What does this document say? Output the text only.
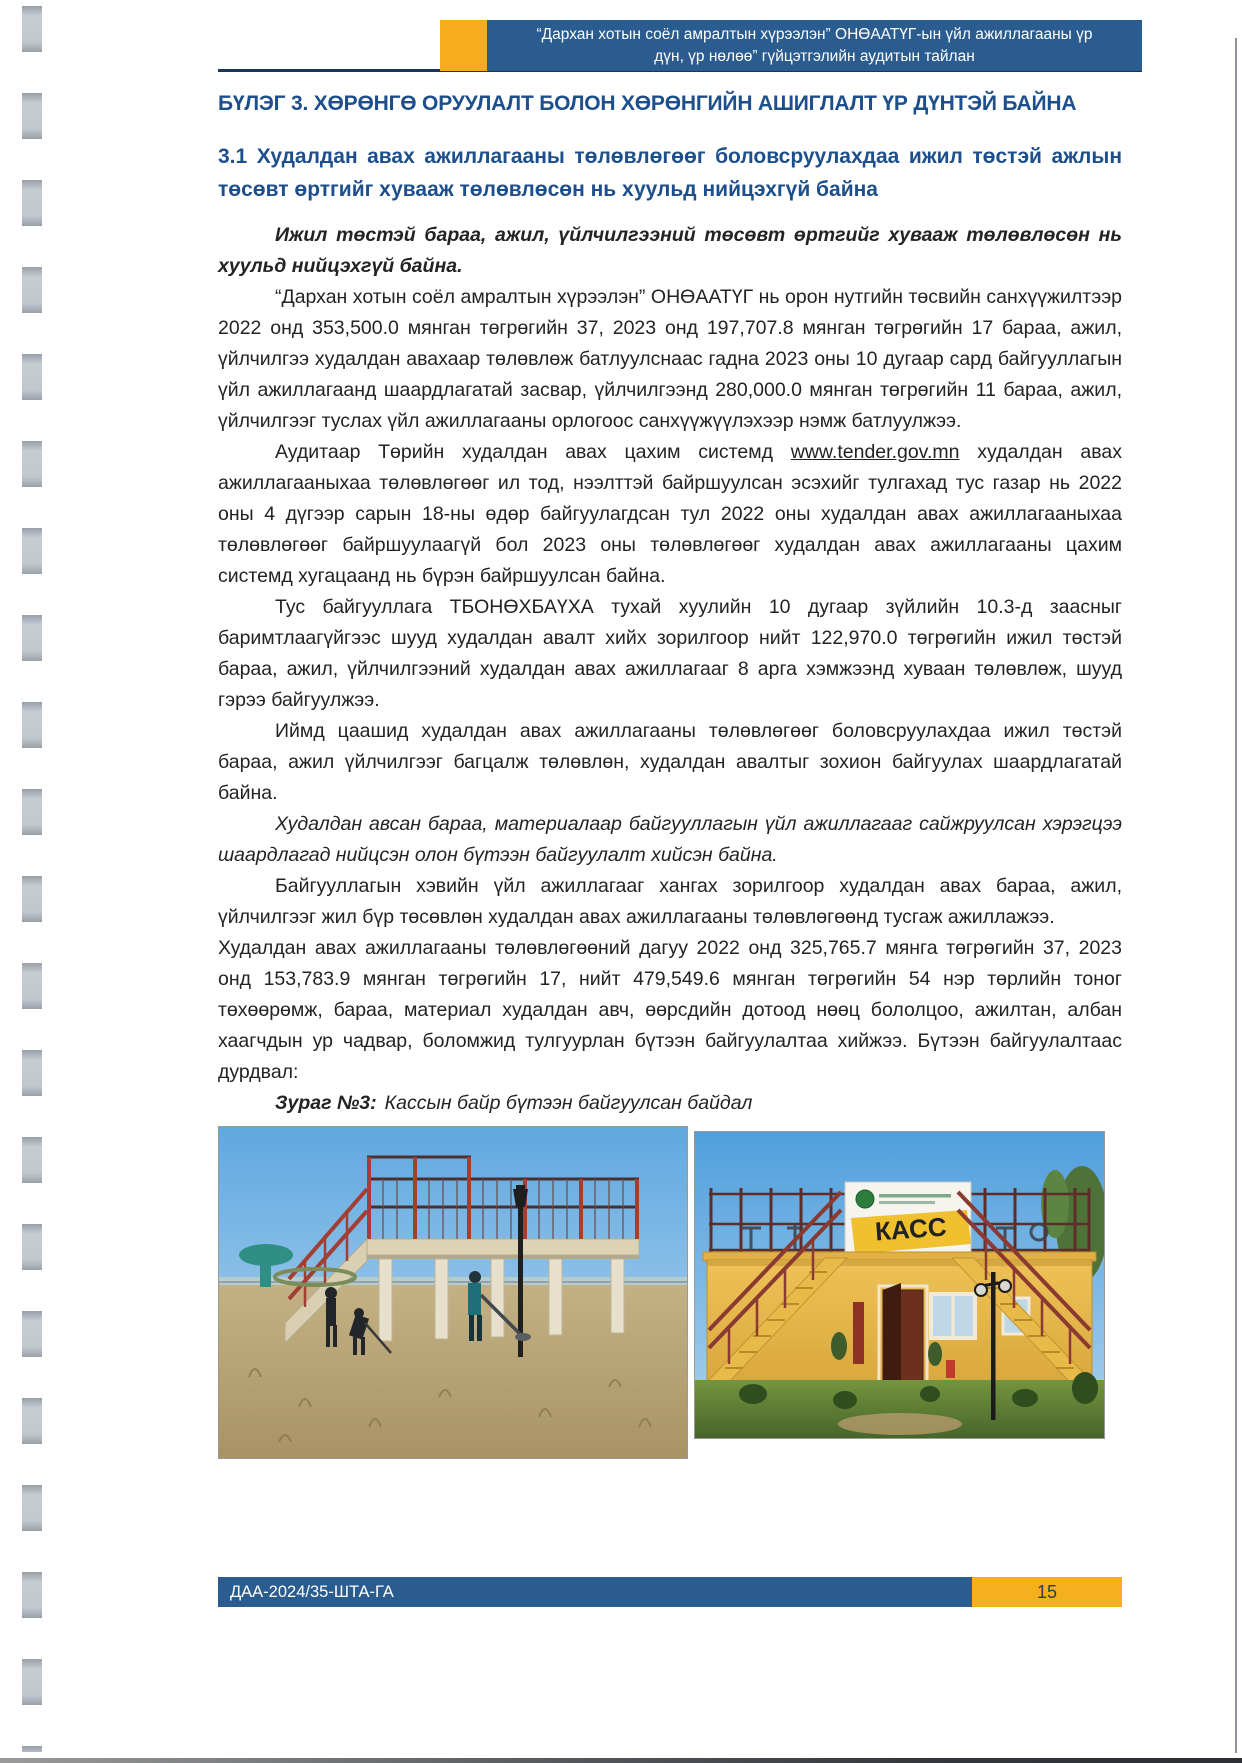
“Дархан хотын соёл амралтын хүрээлэн” ОНӨААТҮГ-ын үйл ажиллагааны үр дүн, үр нөлөө” гүйцэтгэлийн аудитын тайлан
БҮЛЭГ 3. ХӨРӨНГӨ ОРУУЛАЛТ БОЛОН ХӨРӨНГИЙН АШИГЛАЛТ ҮР ДҮНТЭЙ БАЙНА
3.1 Худалдан авах ажиллагааны төлөвлөгөөг боловсруулахдаа ижил төстэй ажлын төсөвт өртгийг хувааж төлөвлөсөн нь хуульд нийцэхгүй байна

Ижил төстэй бараа, ажил, үйлчилгээний төсөвт өртгийг хувааж төлөвлөсөн нь хуульд нийцэхгүй байна.

“Дархан хотын соёл амралтын хүрээлэн” ОНӨААТҮГ нь орон нутгийн төсвийн санхүүжилтээр 2022 онд 353,500.0 мянган төгрөгийн 37, 2023 онд 197,707.8 мянган төгрөгийн 17 бараа, ажил, үйлчилгээ худалдан авахаар төлөвлөж батлуулснаас гадна 2023 оны 10 дугаар сард байгууллагын үйл ажиллагаанд шаардлагатай засвар, үйлчилгээнд 280,000.0 мянган төгрөгийн 11 бараа, ажил, үйлчилгээг туслах үйл ажиллагааны орлогоос санхүүжүүлэхээр нэмж батлуулжээ.

Аудитаар Төрийн худалдан авах цахим системд www.tender.gov.mn худалдан авах ажиллагааныхаа төлөвлөгөөг ил тод, нээлттэй байршуулсан эсэхийг тулгахад тус газар нь 2022 оны 4 дүгээр сарын 18-ны өдөр байгуулагдсан тул 2022 оны худалдан авах ажиллагааныхаа төлөвлөгөөг байршуулаагүй бол 2023 оны төлөвлөгөөг худалдан авах ажиллагааны цахим системд хугацаанд нь бүрэн байршуулсан байна.

Тус байгууллага ТБОНӨХБАҮХА тухай хуулийн 10 дугаар зүйлийн 10.3-д заасныг баримтлаагүйгээс шууд худалдан авалт хийх зорилгоор нийт 122,970.0 төгрөгийн ижил төстэй бараа, ажил, үйлчилгээний худалдан авах ажиллагааг 8 арга хэмжээнд хуваан төлөвлөж, шууд гэрээ байгуулжээ.

Иймд цаашид худалдан авах ажиллагааны төлөвлөгөөг боловсруулахдаа ижил төстэй бараа, ажил үйлчилгээг багцалж төлөвлөн, худалдан авалтыг зохион байгуулах шаардлагатай байна.

Худалдан авсан бараа, материалаар байгууллагын үйл ажиллагааг сайжруулсан хэрэгцээ шаардлагад нийцсэн олон бүтээн байгуулалт хийсэн байна.

Байгууллагын хэвийн үйл ажиллагааг хангах зорилгоор худалдан авах бараа, ажил, үйлчилгээг жил бүр төсөвлөн худалдан авах ажиллагааны төлөвлөгөөнд тусгаж ажиллажээ.

Худалдан авах ажиллагааны төлөвлөгөөний дагуу 2022 онд 325,765.7 мянга төгрөгийн 37, 2023 онд 153,783.9 мянган төгрөгийн 17, нийт 479,549.6 мянган төгрөгийн 54 нэр төрлийн тоног төхөөрөмж, бараа, материал худалдан авч, өөрсдийн дотоод нөөц бололцоо, ажилтан, албан хаагчдын ур чадвар, боломжид тулгуурлан бүтээн байгуулалтаа хийжээ. Бүтээн байгуулалтаас дурдвал:

Зураг №3: Кассын байр бүтээн байгуулсан байдал
КАСС
ДАА-2024/35-ШТА-ГА	15
